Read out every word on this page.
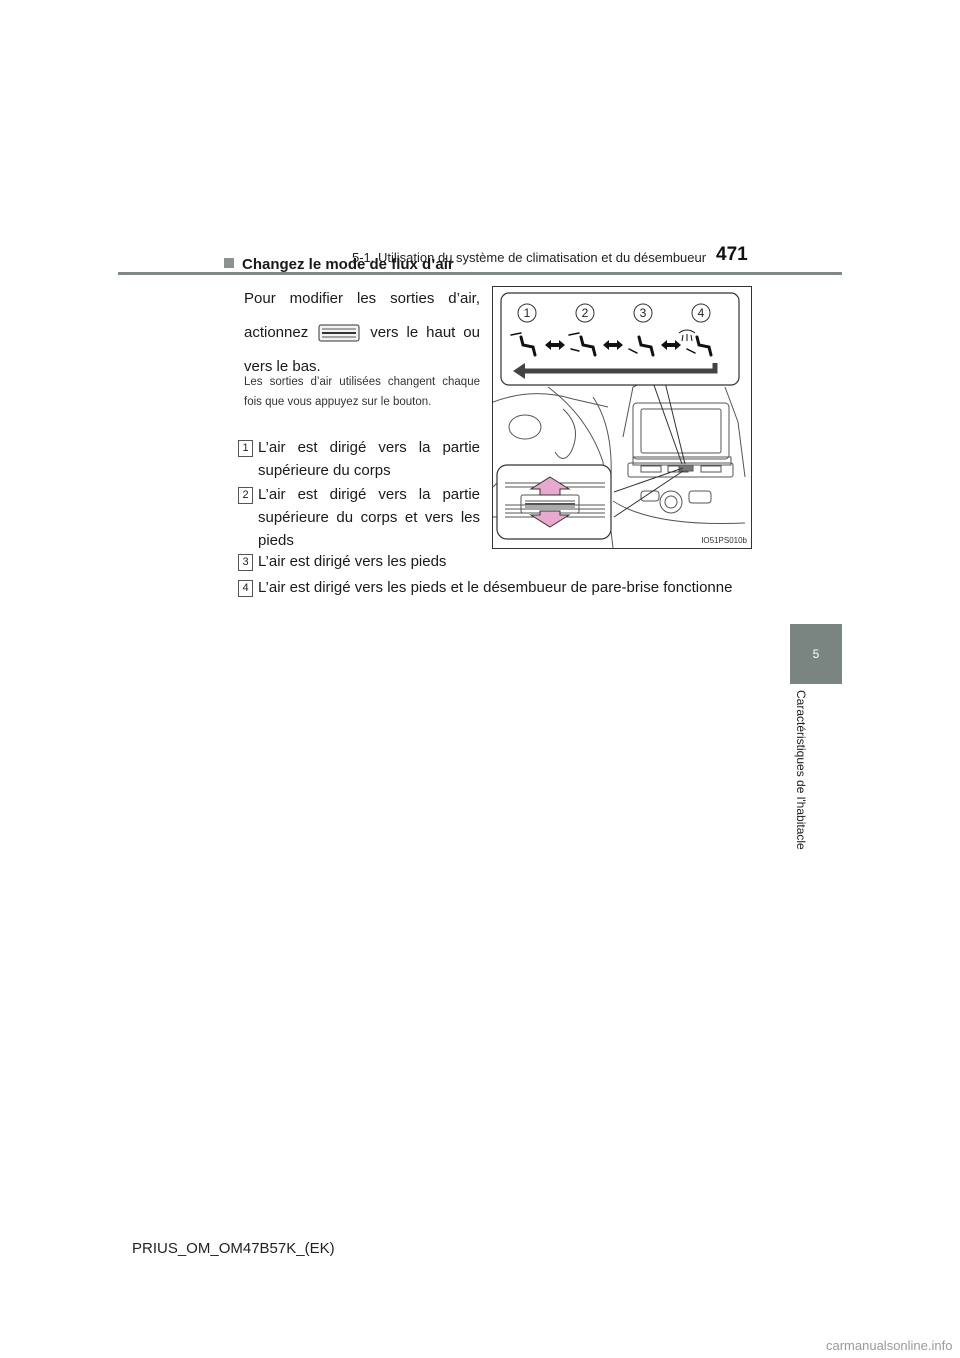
5-1. Utilisation du système de climatisation et du désembueur 471
5
Caractéristiques de l'habitacle
Changez le mode de flux d’air
Pour modifier les sorties d’air, actionnez	vers le haut ou vers le bas.
Les sorties d’air utilisées changent chaque fois que vous appuyez sur le bouton.
1 L’air est dirigé vers la partie supérieure du corps
2 L’air est dirigé vers la partie supérieure du corps et vers les pieds
3 L’air est dirigé vers les pieds
4 L’air est dirigé vers les pieds et le désembueur de pare-brise fonctionne
1	2	3	4
IO51PS010b
PRIUS_OM_OM47B57K_(EK)
carmanualsonline.info
